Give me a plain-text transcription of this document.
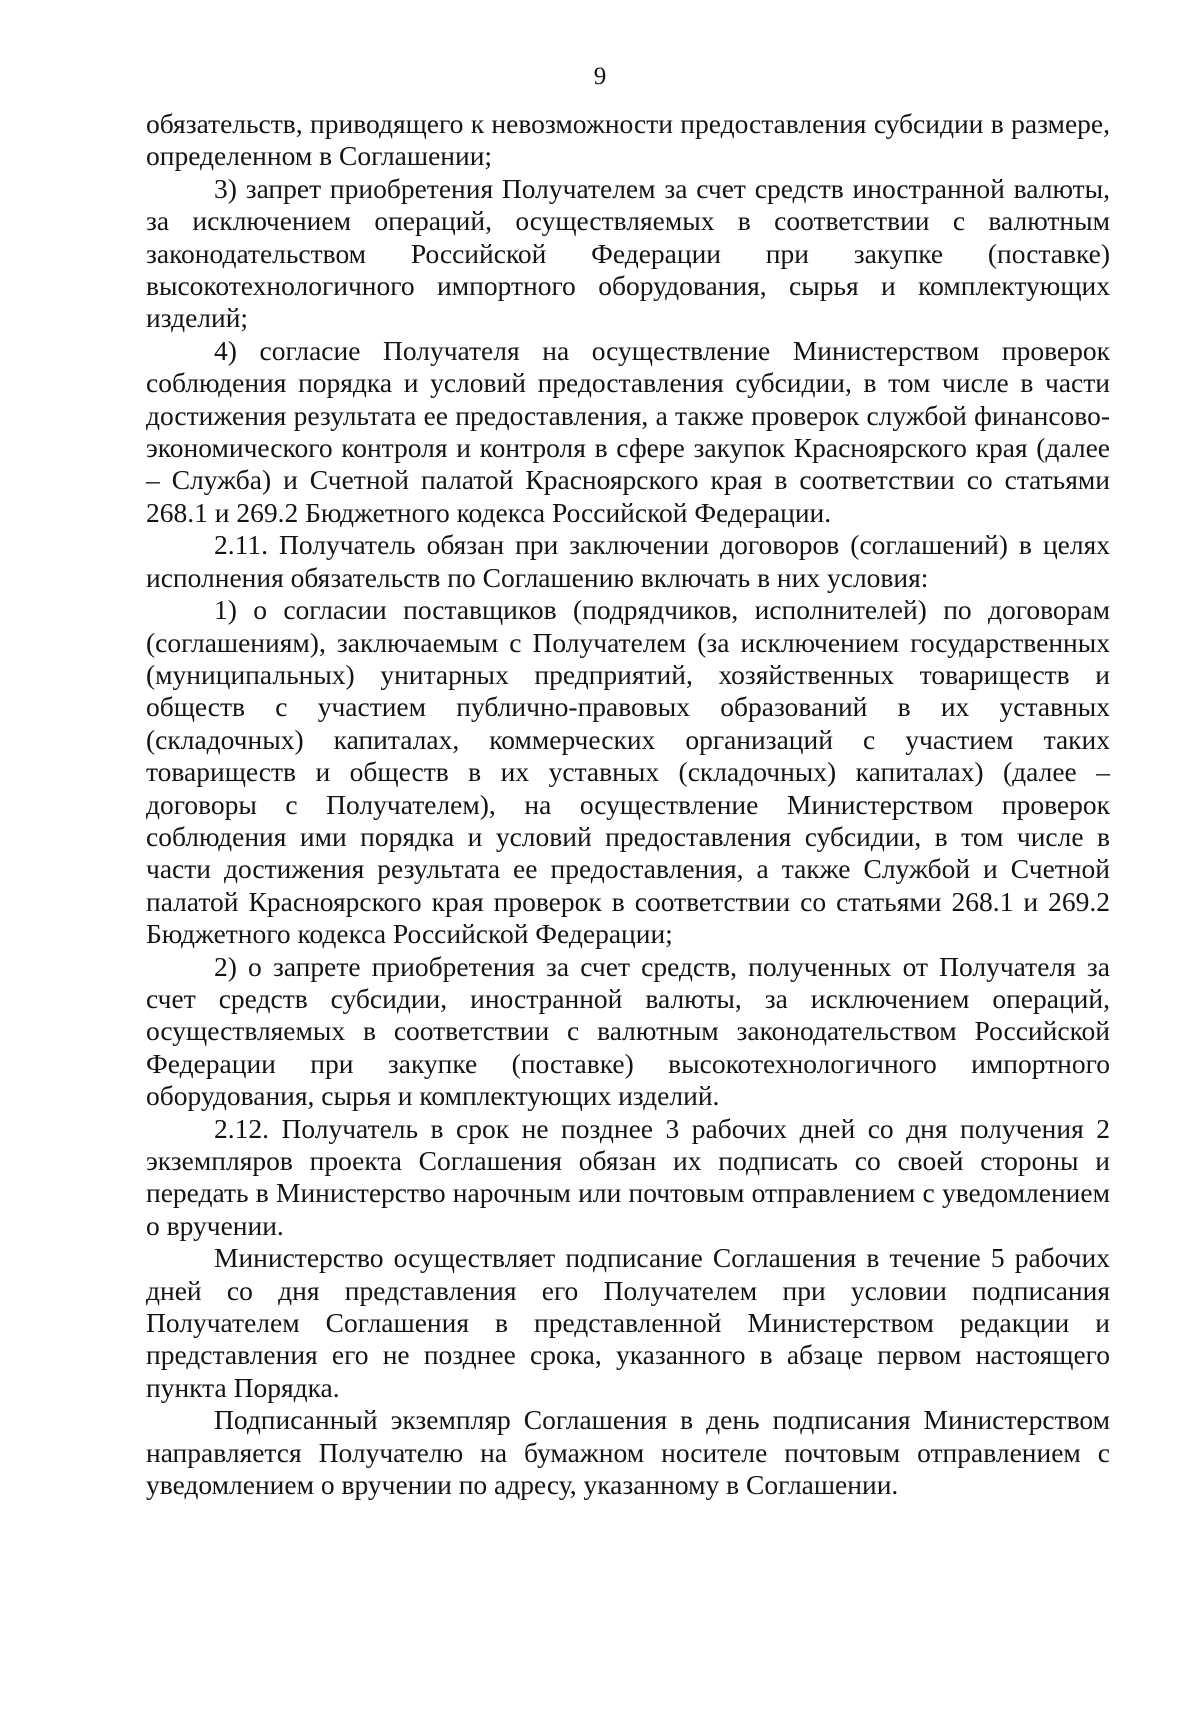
9

обязательств, приводящего к невозможности предоставления субсидии в размере, определенном в Соглашении;

3) запрет приобретения Получателем за счет средств иностранной валюты, за исключением операций, осуществляемых в соответствии с валютным законодательством Российской Федерации при закупке (поставке) высокотехнологичного импортного оборудования, сырья и комплектующих изделий;

4) согласие Получателя на осуществление Министерством проверок соблюдения порядка и условий предоставления субсидии, в том числе в части достижения результата ее предоставления, а также проверок службой финансово-экономического контроля и контроля в сфере закупок Красноярского края (далее – Служба) и Счетной палатой Красноярского края в соответствии со статьями 268.1 и 269.2 Бюджетного кодекса Российской Федерации.

2.11. Получатель обязан при заключении договоров (соглашений) в целях исполнения обязательств по Соглашению включать в них условия:

1) о согласии поставщиков (подрядчиков, исполнителей) по договорам (соглашениям), заключаемым с Получателем (за исключением государственных (муниципальных) унитарных предприятий, хозяйственных товариществ и обществ с участием публично-правовых образований в их уставных (складочных) капиталах, коммерческих организаций с участием таких товариществ и обществ в их уставных (складочных) капиталах) (далее – договоры с Получателем), на осуществление Министерством проверок соблюдения ими порядка и условий предоставления субсидии, в том числе в части достижения результата ее предоставления, а также Службой и Счетной палатой Красноярского края проверок в соответствии со статьями 268.1 и 269.2 Бюджетного кодекса Российской Федерации;

2) о запрете приобретения за счет средств, полученных от Получателя за счет средств субсидии, иностранной валюты, за исключением операций, осуществляемых в соответствии с валютным законодательством Российской Федерации при закупке (поставке) высокотехнологичного импортного оборудования, сырья и комплектующих изделий.

2.12. Получатель в срок не позднее 3 рабочих дней со дня получения 2 экземпляров проекта Соглашения обязан их подписать со своей стороны и передать в Министерство нарочным или почтовым отправлением с уведомлением о вручении.

Министерство осуществляет подписание Соглашения в течение 5 рабочих дней со дня представления его Получателем при условии подписания Получателем Соглашения в представленной Министерством редакции и представления его не позднее срока, указанного в абзаце первом настоящего пункта Порядка.

Подписанный экземпляр Соглашения в день подписания Министерством направляется Получателю на бумажном носителе почтовым отправлением с уведомлением о вручении по адресу, указанному в Соглашении.
